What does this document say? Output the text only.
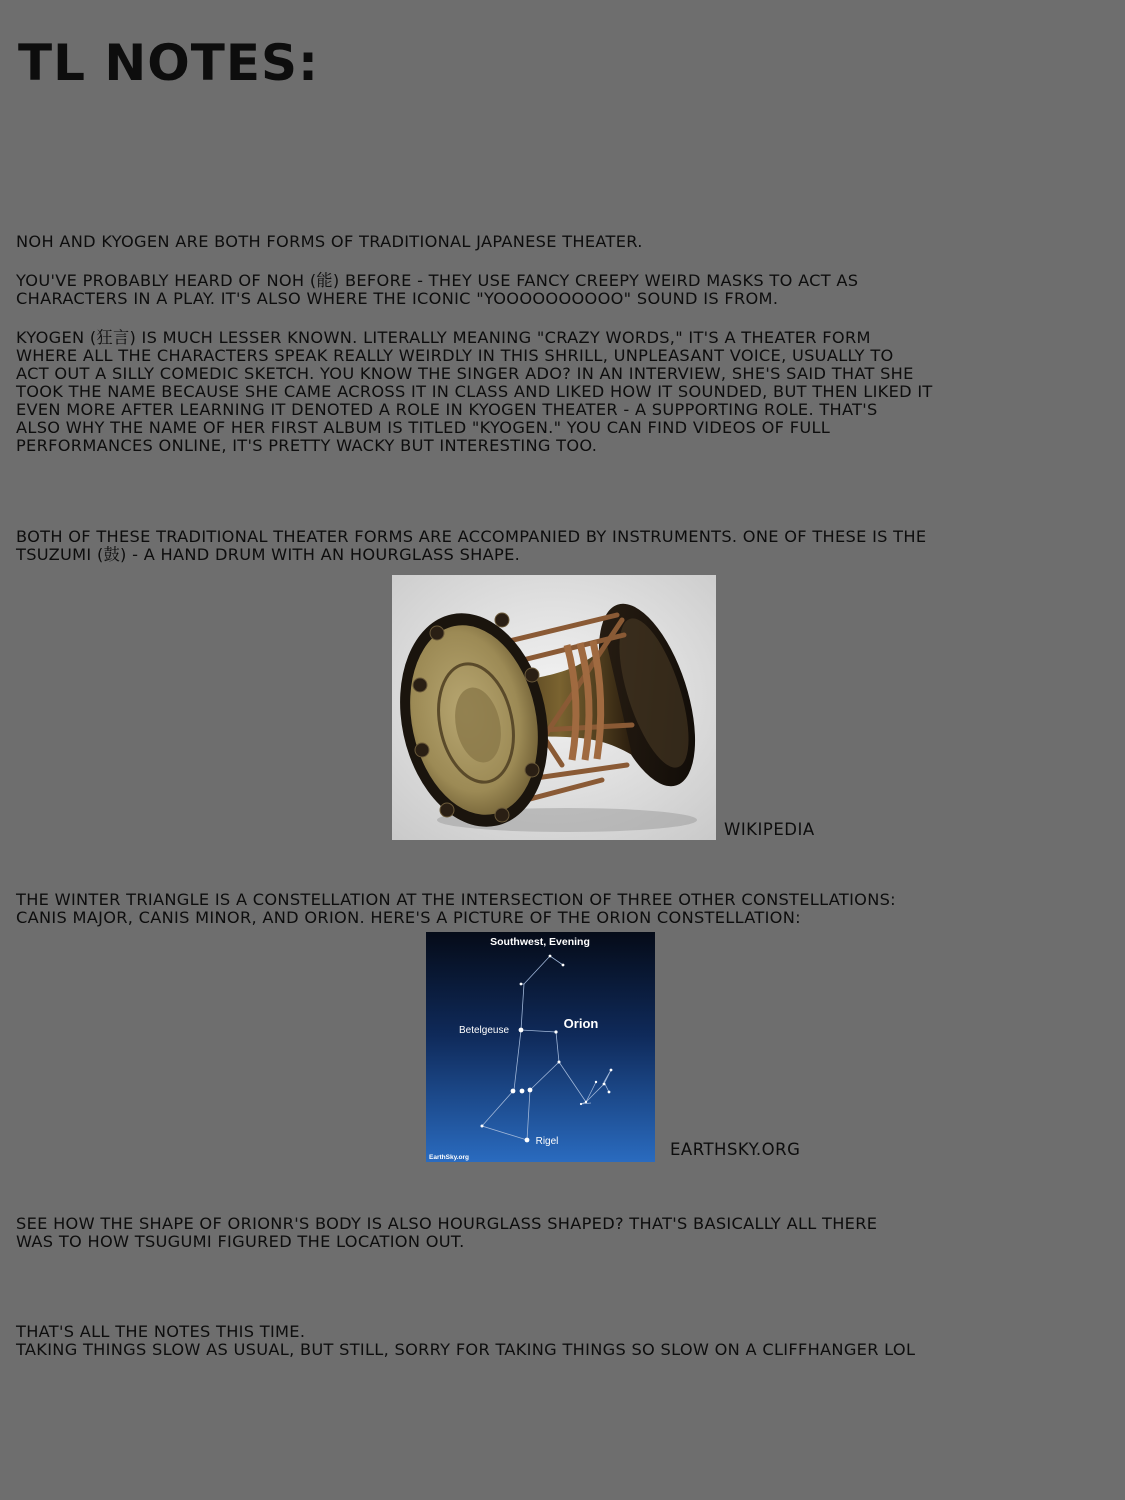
TL NOTES:
NOH AND KYOGEN ARE BOTH FORMS OF TRADITIONAL JAPANESE THEATER.
YOU'VE PROBABLY HEARD OF NOH (能) BEFORE - THEY USE FANCY CREEPY WEIRD MASKS TO ACT AS
CHARACTERS IN A PLAY. IT'S ALSO WHERE THE ICONIC "YOOOOOOOOOO" SOUND IS FROM.
KYOGEN (狂言) IS MUCH LESSER KNOWN. LITERALLY MEANING "CRAZY WORDS," IT'S A THEATER FORM
WHERE ALL THE CHARACTERS SPEAK REALLY WEIRDLY IN THIS SHRILL, UNPLEASANT VOICE, USUALLY TO
ACT OUT A SILLY COMEDIC SKETCH. YOU KNOW THE SINGER ADO? IN AN INTERVIEW, SHE'S SAID THAT SHE
TOOK THE NAME BECAUSE SHE CAME ACROSS IT IN CLASS AND LIKED HOW IT SOUNDED, BUT THEN LIKED IT
EVEN MORE AFTER LEARNING IT DENOTED A ROLE IN KYOGEN THEATER - A SUPPORTING ROLE. THAT'S
ALSO WHY THE NAME OF HER FIRST ALBUM IS TITLED "KYOGEN." YOU CAN FIND VIDEOS OF FULL
PERFORMANCES ONLINE, IT'S PRETTY WACKY BUT INTERESTING TOO.
BOTH OF THESE TRADITIONAL THEATER FORMS ARE ACCOMPANIED BY INSTRUMENTS. ONE OF THESE IS THE
TSUZUMI (鼓) - A HAND DRUM WITH AN HOURGLASS SHAPE.
WIKIPEDIA
THE WINTER TRIANGLE IS A CONSTELLATION AT THE INTERSECTION OF THREE OTHER CONSTELLATIONS:
CANIS MAJOR, CANIS MINOR, AND ORION. HERE'S A PICTURE OF THE ORION CONSTELLATION:
Southwest, Evening
Betelgeuse	Orion
Rigel
EarthSky.org	EARTHSKY.ORG
SEE HOW THE SHAPE OF ORIONR'S BODY IS ALSO HOURGLASS SHAPED? THAT'S BASICALLY ALL THERE
WAS TO HOW TSUGUMI FIGURED THE LOCATION OUT.
THAT'S ALL THE NOTES THIS TIME.
TAKING THINGS SLOW AS USUAL, BUT STILL, SORRY FOR TAKING THINGS SO SLOW ON A CLIFFHANGER LOL
